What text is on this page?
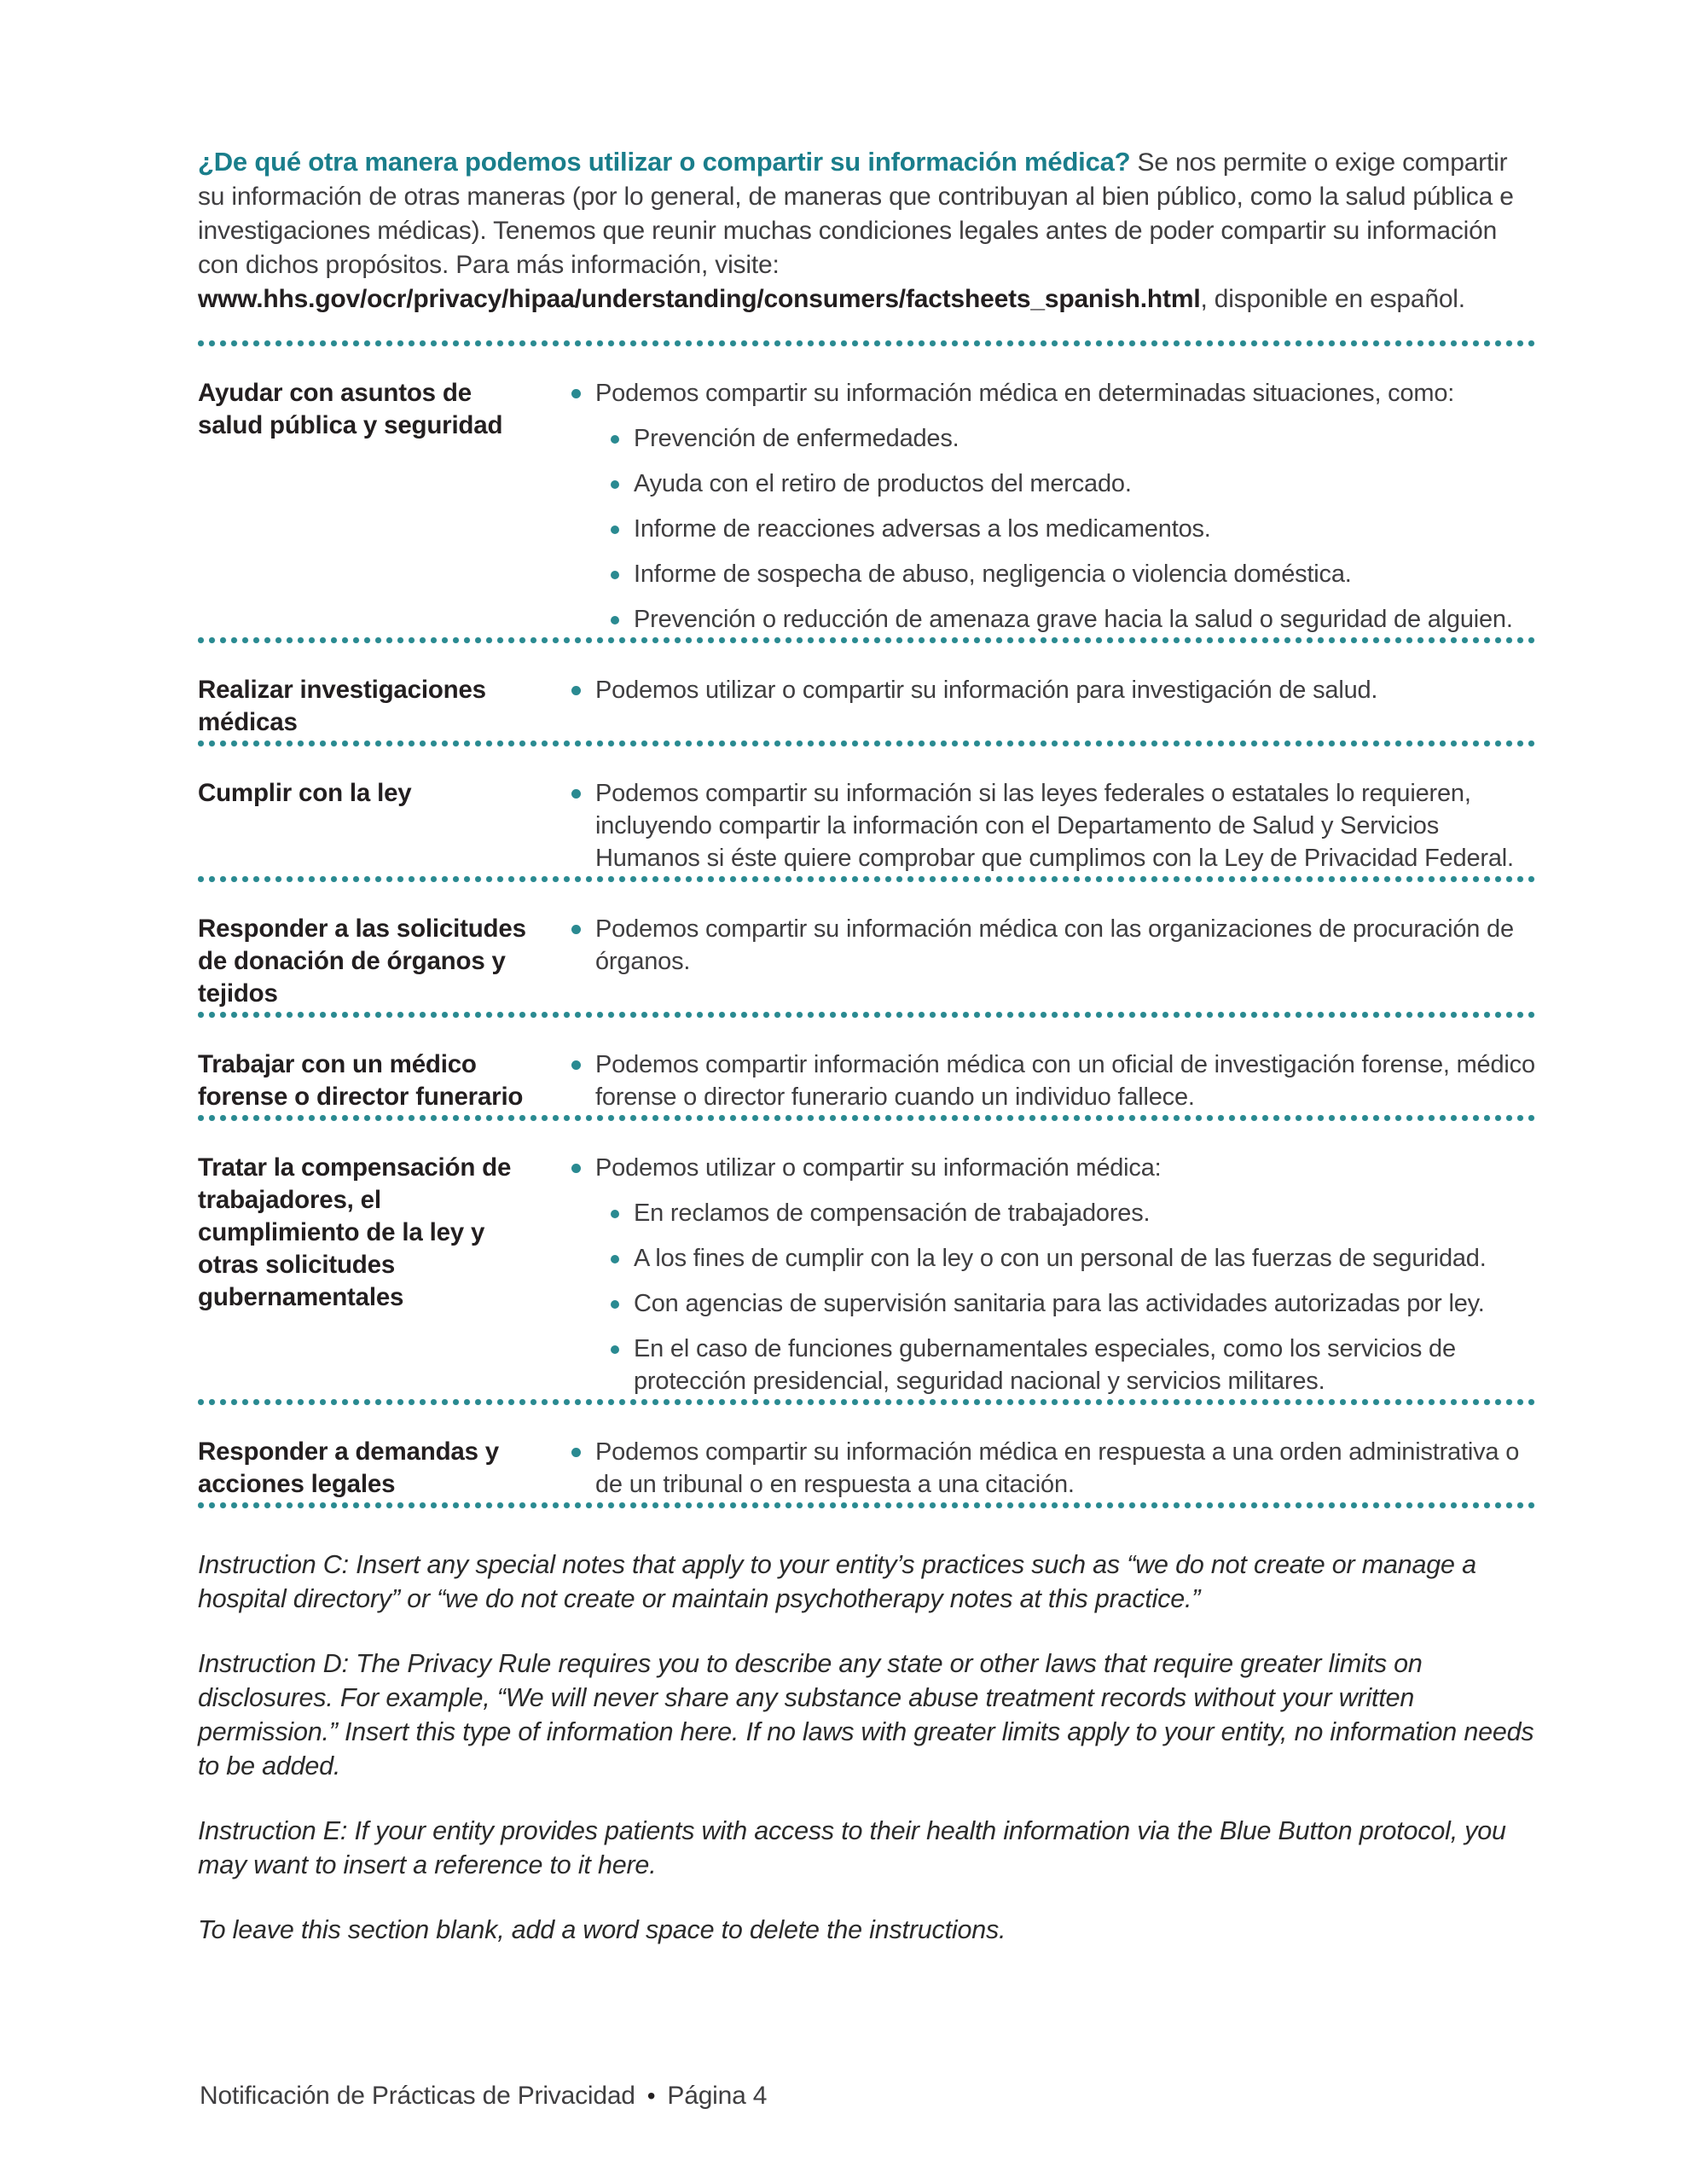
¿De qué otra manera podemos utilizar o compartir su información médica? Se nos permite o exige compartir su información de otras maneras (por lo general, de maneras que contribuyan al bien público, como la salud pública e investigaciones médicas). Tenemos que reunir muchas condiciones legales antes de poder compartir su información con dichos propósitos. Para más información, visite: www.hhs.gov/ocr/privacy/hipaa/understanding/consumers/factsheets_spanish.html, disponible en español.

Ayudar con asuntos de salud pública y seguridad

Podemos compartir su información médica en determinadas situaciones, como:

Prevención de enfermedades.

Ayuda con el retiro de productos del mercado.

Informe de reacciones adversas a los medicamentos.

Informe de sospecha de abuso, negligencia o violencia doméstica.

Prevención o reducción de amenaza grave hacia la salud o seguridad de alguien.

Realizar investigaciones médicas

Podemos utilizar o compartir su información para investigación de salud.

Cumplir con la ley	Podemos compartir su información si las leyes federales o estatales lo requieren, incluyendo compartir la información con el Departamento de Salud y Servicios Humanos si éste quiere comprobar que cumplimos con la Ley de Privacidad Federal.

Responder a las solicitudes de donación de órganos y tejidos

Podemos compartir su información médica con las organizaciones de procuración de órganos.

Trabajar con un médico forense o director funerario

Podemos compartir información médica con un oficial de investigación forense, médico forense o director funerario cuando un individuo fallece.

Tratar la compensación de trabajadores, el cumplimiento de la ley y otras solicitudes gubernamentales

Podemos utilizar o compartir su información médica:

En reclamos de compensación de trabajadores.

A los fines de cumplir con la ley o con un personal de las fuerzas de seguridad.

Con agencias de supervisión sanitaria para las actividades autorizadas por ley.

En el caso de funciones gubernamentales especiales, como los servicios de protección presidencial, seguridad nacional y servicios militares.

Responder a demandas y acciones legales

Podemos compartir su información médica en respuesta a una orden administrativa o de un tribunal o en respuesta a una citación.

Instruction C: Insert any special notes that apply to your entity’s practices such as “we do not create or manage a hospital directory” or “we do not create or maintain psychotherapy notes at this practice.”

Instruction D: The Privacy Rule requires you to describe any state or other laws that require greater limits on disclosures. For example, “We will never share any substance abuse treatment records without your written permission.” Insert this type of information here. If no laws with greater limits apply to your entity, no information needs to be added.

Instruction E: If your entity provides patients with access to their health information via the Blue Button protocol, you may want to insert a reference to it here.

To leave this section blank, add a word space to delete the instructions.

Notificación de Prácticas de Privacidad • Página 4
